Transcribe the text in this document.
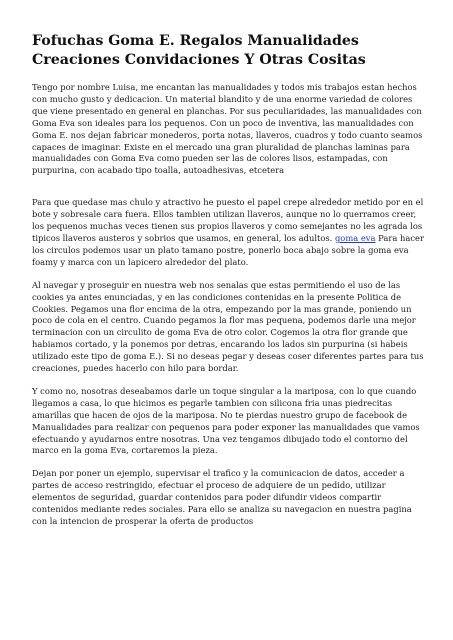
Fofuchas Goma E. Regalos Manualidades Creaciones Convidaciones Y Otras Cositas

Tengo por nombre Luisa, me encantan las manualidades y todos mis trabajos estan hechos con mucho gusto y dedicacion. Un material blandito y de una enorme variedad de colores que viene presentado en general en planchas. Por sus peculiaridades, las manualidades con Goma Eva son ideales para los pequenos. Con un poco de inventiva, las manualidades con Goma E. nos dejan fabricar monederos, porta notas, llaveros, cuadros y todo cuanto seamos capaces de imaginar. Existe en el mercado una gran pluralidad de planchas laminas para manualidades con Goma Eva como pueden ser las de colores lisos, estampadas, con purpurina, con acabado tipo toalla, autoadhesivas, etcetera

Para que quedase mas chulo y atractivo he puesto el papel crepe alrededor metido por en el bote y sobresale cara fuera. Ellos tambien utilizan llaveros, aunque no lo querramos creer, los pequenos muchas veces tienen sus propios llaveros y como semejantes no les agrada los tipicos llaveros austeros y sobrios que usamos, en general, los adultos. goma eva Para hacer los circulos podemos usar un plato tamano postre, ponerlo boca abajo sobre la goma eva foamy y marca con un lapicero alrededor del plato.

Al navegar y proseguir en nuestra web nos senalas que estas permitiendo el uso de las cookies ya antes enunciadas, y en las condiciones contenidas en la presente Politica de Cookies. Pegamos una flor encima de la otra, empezando por la mas grande, poniendo un poco de cola en el centro. Cuando pegamos la flor mas pequena, podemos darle una mejor terminacion con un circulito de goma Eva de otro color. Cogemos la otra flor grande que habiamos cortado, y la ponemos por detras, encarando los lados sin purpurina (si habeis utilizado este tipo de goma E.). Si no deseas pegar y deseas coser diferentes partes para tus creaciones, puedes hacerlo con hilo para bordar.

Y como no, nosotras deseabamos darle un toque singular a la mariposa, con lo que cuando llegamos a casa, lo que hicimos es pegarle tambien con silicona fria unas piedrecitas amarillas que hacen de ojos de la mariposa. No te pierdas nuestro grupo de facebook de Manualidades para realizar con pequenos para poder exponer las manualidades que vamos efectuando y ayudarnos entre nosotras. Una vez tengamos dibujado todo el contorno del marco en la goma Eva, cortaremos la pieza.

Dejan por poner un ejemplo, supervisar el trafico y la comunicacion de datos, acceder a partes de acceso restringido, efectuar el proceso de adquiere de un pedido, utilizar elementos de seguridad, guardar contenidos para poder difundir videos compartir contenidos mediante redes sociales. Para ello se analiza su navegacion en nuestra pagina con la intencion de prosperar la oferta de productos
